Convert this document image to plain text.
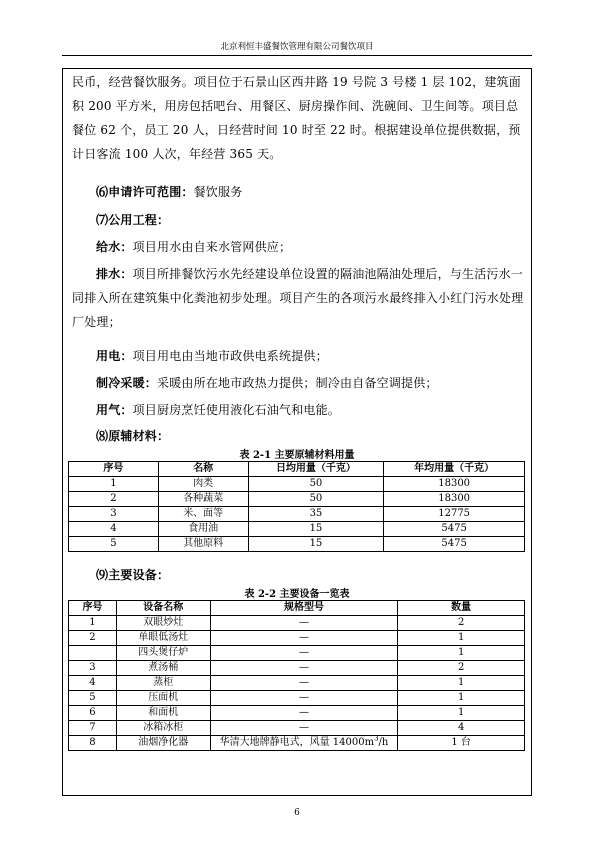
北京利恒丰盛餐饮管理有限公司餐饮项目
民币，经营餐饮服务。项目位于石景山区西井路 19 号院 3 号楼 1 层 102，建筑面积 200 平方米，用房包括吧台、用餐区、厨房操作间、洗碗间、卫生间等。项目总餐位 62 个，员工 20 人，日经营时间 10 时至 22 时。根据建设单位提供数据，预计日客流 100 人次，年经营 365 天。
⑹申请许可范围：餐饮服务
⑺公用工程：
给水：项目用水由自来水管网供应；
排水：项目所排餐饮污水先经建设单位设置的隔油池隔油处理后，与生活污水一同排入所在建筑集中化粪池初步处理。项目产生的各项污水最终排入小红门污水处理厂处理；
用电：项目用电由当地市政供电系统提供；
制冷采暖：采暖由所在地市政热力提供；制冷由自备空调提供；
用气：项目厨房烹饪使用液化石油气和电能。
⑻原辅材料：
表 2-1 主要原辅材料用量
序号	名称	日均用量（千克）	年均用量（千克）
1	肉类	50	18300
2	各种蔬菜	50	18300
3	米、面等	35	12775
4	食用油	15	5475
5	其他原料	15	5475
⑼主要设备：
表 2-2 主要设备一览表
序号	设备名称	规格型号	数量
1	双眼炒灶	—	2
2	单眼低汤灶	—	1
	四头煲仔炉	—	1
3	煮汤桶	—	2
4	蒸柜	—	1
5	压面机	—	1
6	和面机	—	1
7	冰箱冰柜	—	4
8	油烟净化器	华清大地牌静电式，风量 $14000m^3/h$	1 台
6
